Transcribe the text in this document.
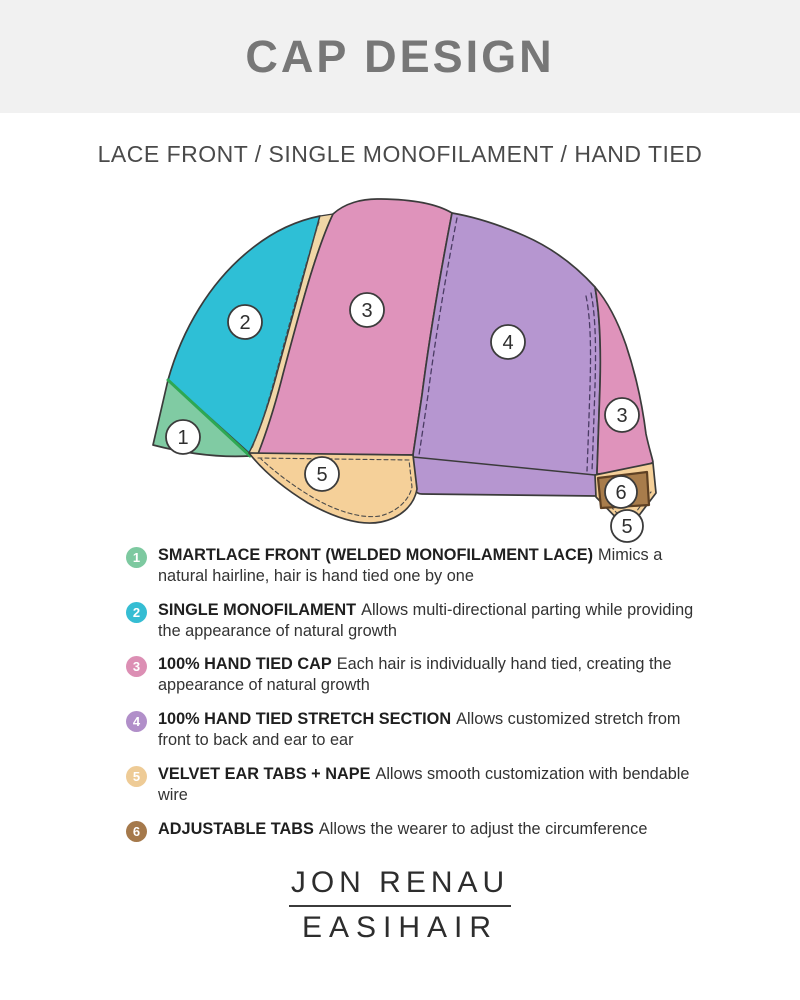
CAP DESIGN
LACE FRONT / SINGLE MONOFILAMENT / HAND TIED
1
2
3
4
3
5
6
5
1 SMARTLACE FRONT (WELDED MONOFILAMENT LACE) Mimics a natural hairline, hair is hand tied one by one

2 SINGLE MONOFILAMENT Allows multi-directional parting while providing the appearance of natural growth

3 100% HAND TIED CAP Each hair is individually hand tied, creating the appearance of natural growth

4 100% HAND TIED STRETCH SECTION Allows customized stretch from front to back and ear to ear

5 VELVET EAR TABS + NAPE Allows smooth customization with bendable wire

6 ADJUSTABLE TABS Allows the wearer to adjust the circumference

JON RENAU
EASIHAIR
